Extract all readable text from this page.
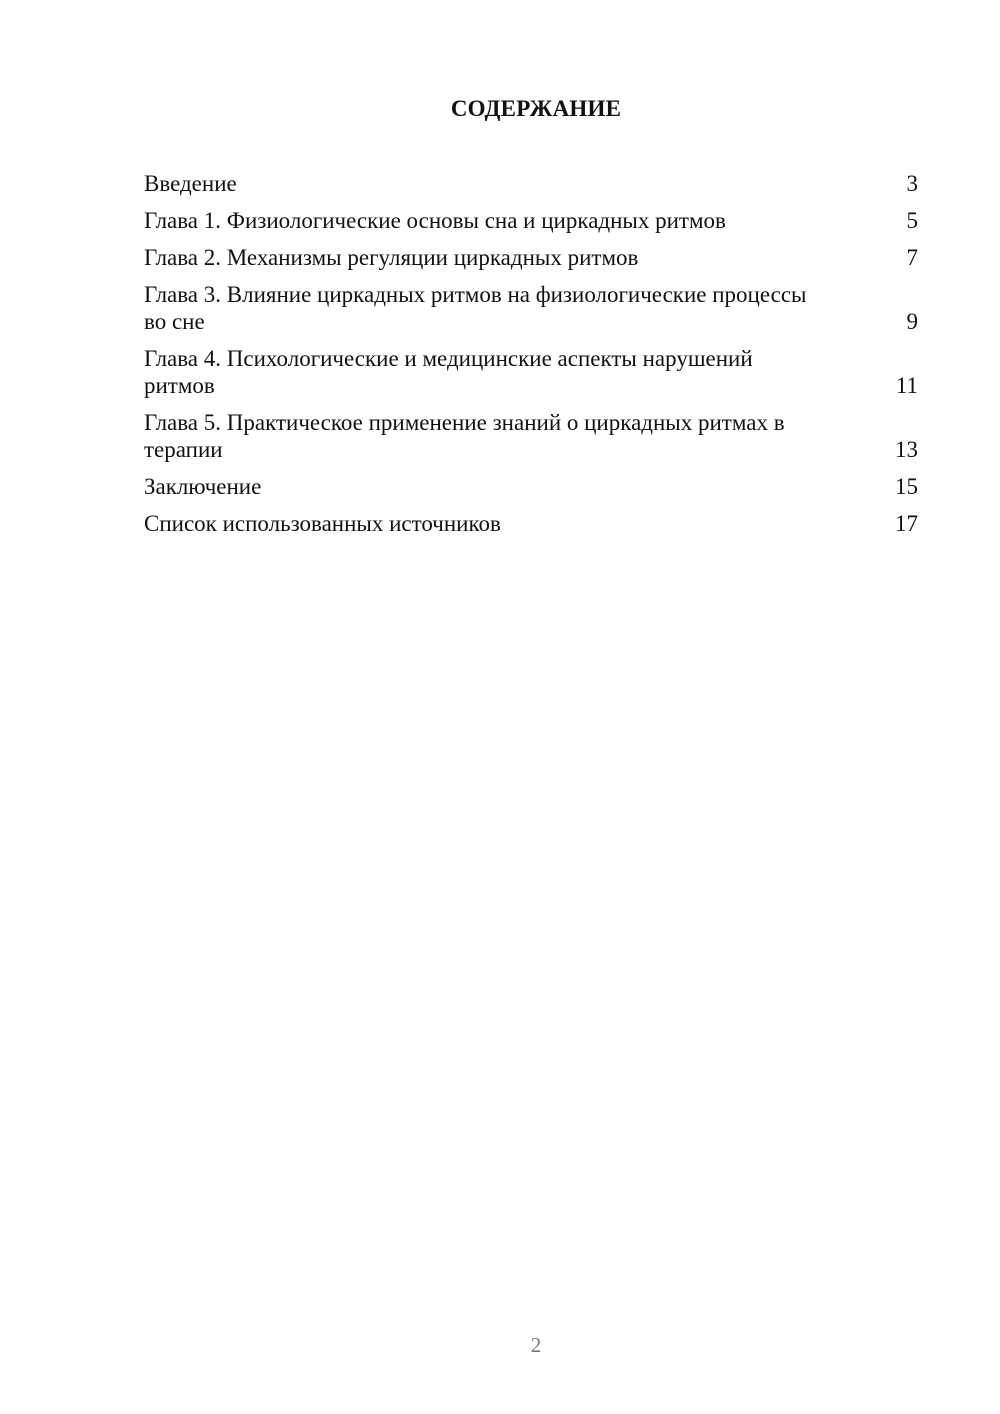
СОДЕРЖАНИЕ
Введение	3
Глава 1. Физиологические основы сна и циркадных ритмов	5
Глава 2. Механизмы регуляции циркадных ритмов	7
Глава 3. Влияние циркадных ритмов на физиологические процессы во сне	9
Глава 4. Психологические и медицинские аспекты нарушений ритмов	11
Глава 5. Практическое применение знаний о циркадных ритмах в терапии	13
Заключение	15
Список использованных источников	17
2
